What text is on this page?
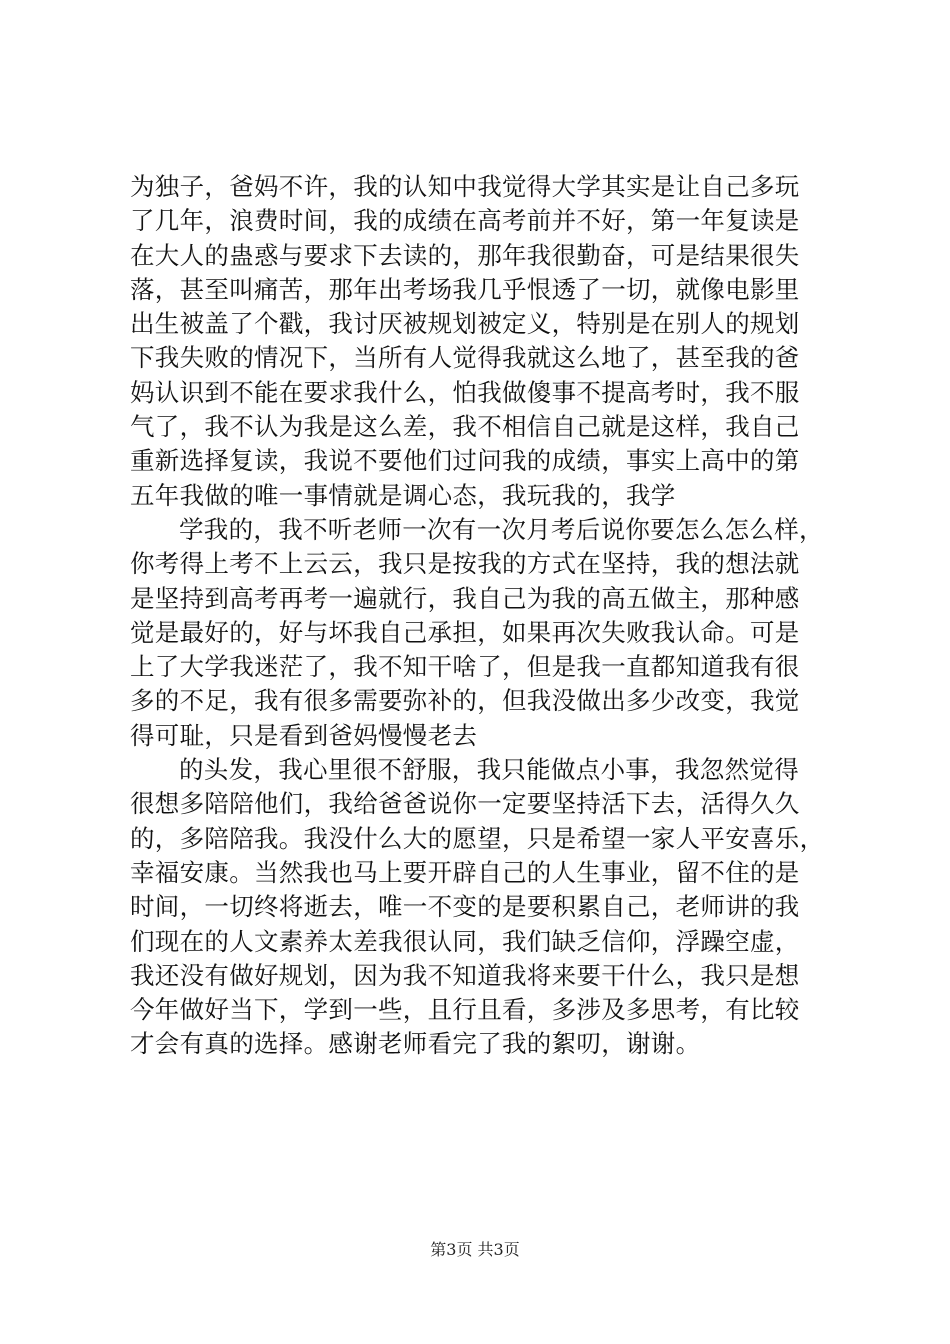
为独子，爸妈不许，我的认知中我觉得大学其实是让自己多玩
了几年，浪费时间，我的成绩在高考前并不好，第一年复读是
在大人的蛊惑与要求下去读的，那年我很勤奋，可是结果很失
落，甚至叫痛苦，那年出考场我几乎恨透了一切，就像电影里
出生被盖了个戳，我讨厌被规划被定义，特别是在别人的规划
下我失败的情况下，当所有人觉得我就这么地了，甚至我的爸
妈认识到不能在要求我什么，怕我做傻事不提高考时，我不服
气了，我不认为我是这么差，我不相信自己就是这样，我自己
重新选择复读，我说不要他们过问我的成绩，事实上高中的第
五年我做的唯一事情就是调心态，我玩我的，我学
学我的，我不听老师一次有一次月考后说你要怎么怎么样，
你考得上考不上云云，我只是按我的方式在坚持，我的想法就
是坚持到高考再考一遍就行，我自己为我的高五做主，那种感
觉是最好的，好与坏我自己承担，如果再次失败我认命。可是
上了大学我迷茫了，我不知干啥了，但是我一直都知道我有很
多的不足，我有很多需要弥补的，但我没做出多少改变，我觉
得可耻，只是看到爸妈慢慢老去
的头发，我心里很不舒服，我只能做点小事，我忽然觉得
很想多陪陪他们，我给爸爸说你一定要坚持活下去，活得久久
的，多陪陪我。我没什么大的愿望，只是希望一家人平安喜乐，
幸福安康。当然我也马上要开辟自己的人生事业，留不住的是
时间，一切终将逝去，唯一不变的是要积累自己，老师讲的我
们现在的人文素养太差我很认同，我们缺乏信仰，浮躁空虚，
我还没有做好规划，因为我不知道我将来要干什么，我只是想
今年做好当下，学到一些，且行且看，多涉及多思考，有比较
才会有真的选择。感谢老师看完了我的絮叨，谢谢。
第3页 共3页
